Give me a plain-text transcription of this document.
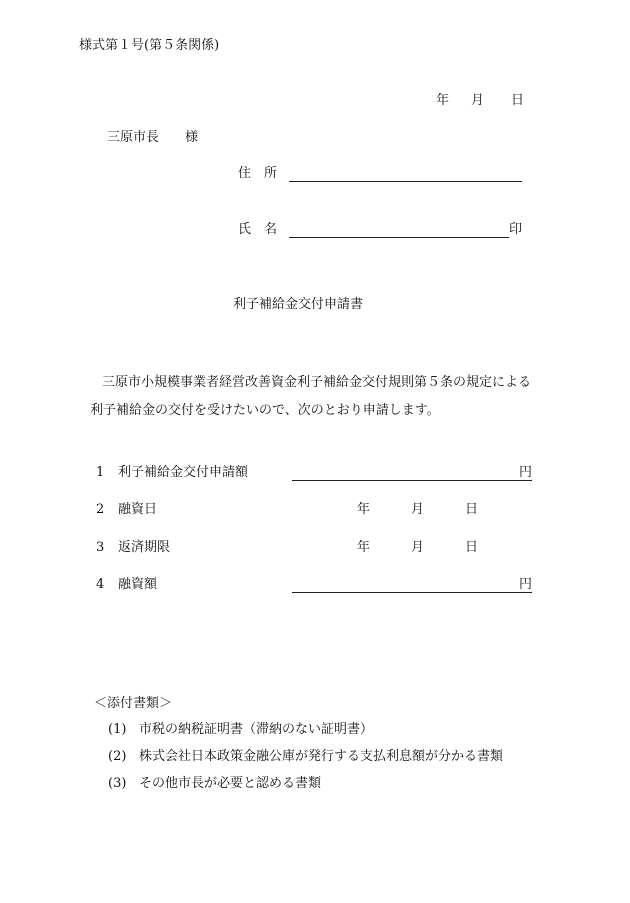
様式第１号(第５条関係)
年 月 日
三原市長 様
住　所
氏　名	印
利子補給金交付申請書
三原市小規模事業者経営改善資金利子補給金交付規則第５条の規定による
利子補給金の交付を受けたいので、次のとおり申請します。
1 利子補給金交付申請額	円
2 融資日	年	月	日
3 返済期限	年	月	日
4 融資額	円
＜添付書類＞
(1) 市税の納税証明書（滞納のない証明書）
(2) 株式会社日本政策金融公庫が発行する支払利息額が分かる書類
(3) その他市長が必要と認める書類
